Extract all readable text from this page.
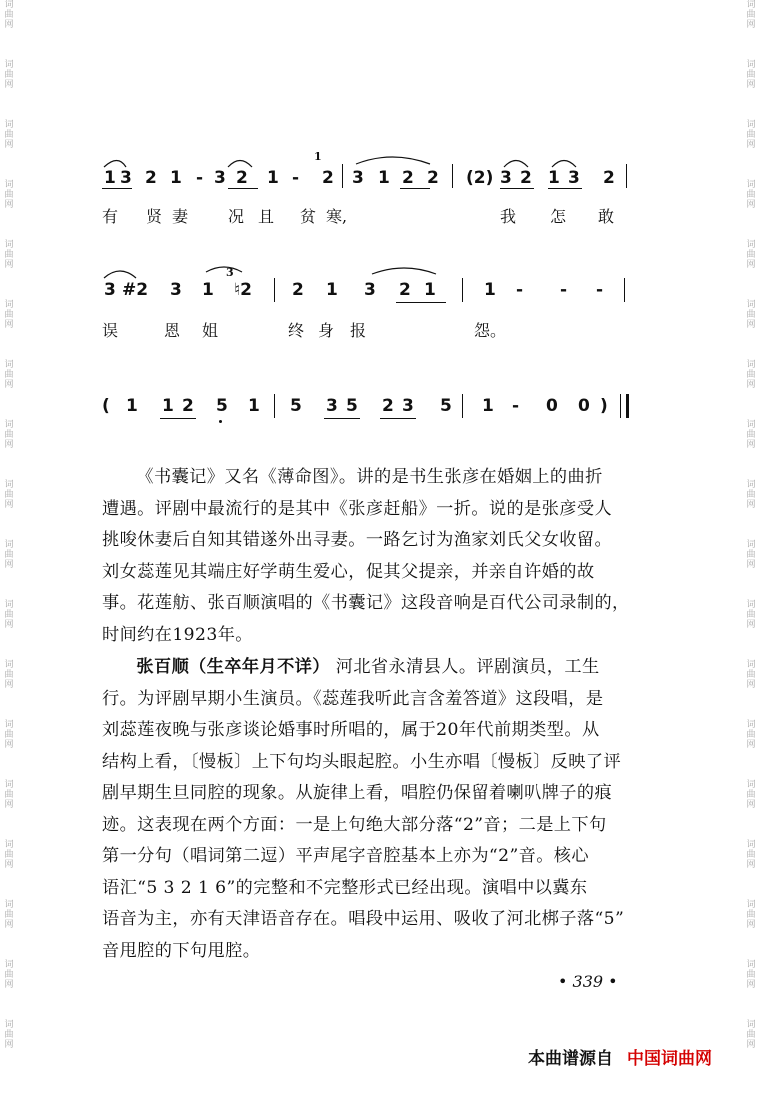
词
曲
网
词
曲
网
词
曲
网
词
曲
网
词
曲
网
词
曲
网
词
曲
网
词
曲
网
词
曲
网
词
曲
网
词
曲
网
词
曲
网
词
曲
网
词
曲
网
词
曲
网
词
曲
网
词
曲
网
词
曲
网
词
曲
网
词
曲
网
词
曲
网
词
曲
网
词
曲
网
词
曲
网
词
曲
网
词
曲
网
词
曲
网
词
曲
网
词
曲
网
词
曲
网
词
曲
网
词
曲
网
词
曲
网
词
曲
网
词
曲
网
词
曲
网
1 3 2 1 - 3 2 1 - 2 3 1 2 2 (2) 3 2 1 3 2
1
有 贤 妻 况 且 贫 寒,	我 怎 敢
3 #2 3 1 ♮2 2 1 3 2 1	1 - - -
3
误	恩 姐	终 身 报	怨。
( 1 1 2 5 1 5 3 5 2 3 5 1 - 0 0 )
《书囊记》又名《薄命图》。讲的是书生张彦在婚姻上的曲折
遭遇。评剧中最流行的是其中《张彦赶船》一折。说的是张彦受人
挑唆休妻后自知其错遂外出寻妻。一路乞讨为渔家刘氏父女收留。
刘女蕊莲见其端庄好学萌生爱心，促其父提亲，并亲自许婚的故
事。花莲舫、张百顺演唱的《书囊记》这段音响是百代公司录制的，
时间约在1923年。
张百顺（生卒年月不详） 河北省永清县人。评剧演员，工生
行。为评剧早期小生演员。《蕊莲我听此言含羞答道》这段唱，是
刘蕊莲夜晚与张彦谈论婚事时所唱的，属于20年代前期类型。从
结构上看，〔慢板〕上下句均头眼起腔。小生亦唱〔慢板〕反映了评
剧早期生旦同腔的现象。从旋律上看，唱腔仍保留着喇叭牌子的痕
迹。这表现在两个方面：一是上句绝大部分落“2”音；二是上下句
第一分句（唱词第二逗）平声尾字音腔基本上亦为“2”音。核心
语汇“5 3 2 1 6”的完整和不完整形式已经出现。演唱中以冀东
语音为主，亦有天津语音存在。唱段中运用、吸收了河北梆子落“5”
音甩腔的下句甩腔。
• 339 •
本曲谱源自 中国词曲网
